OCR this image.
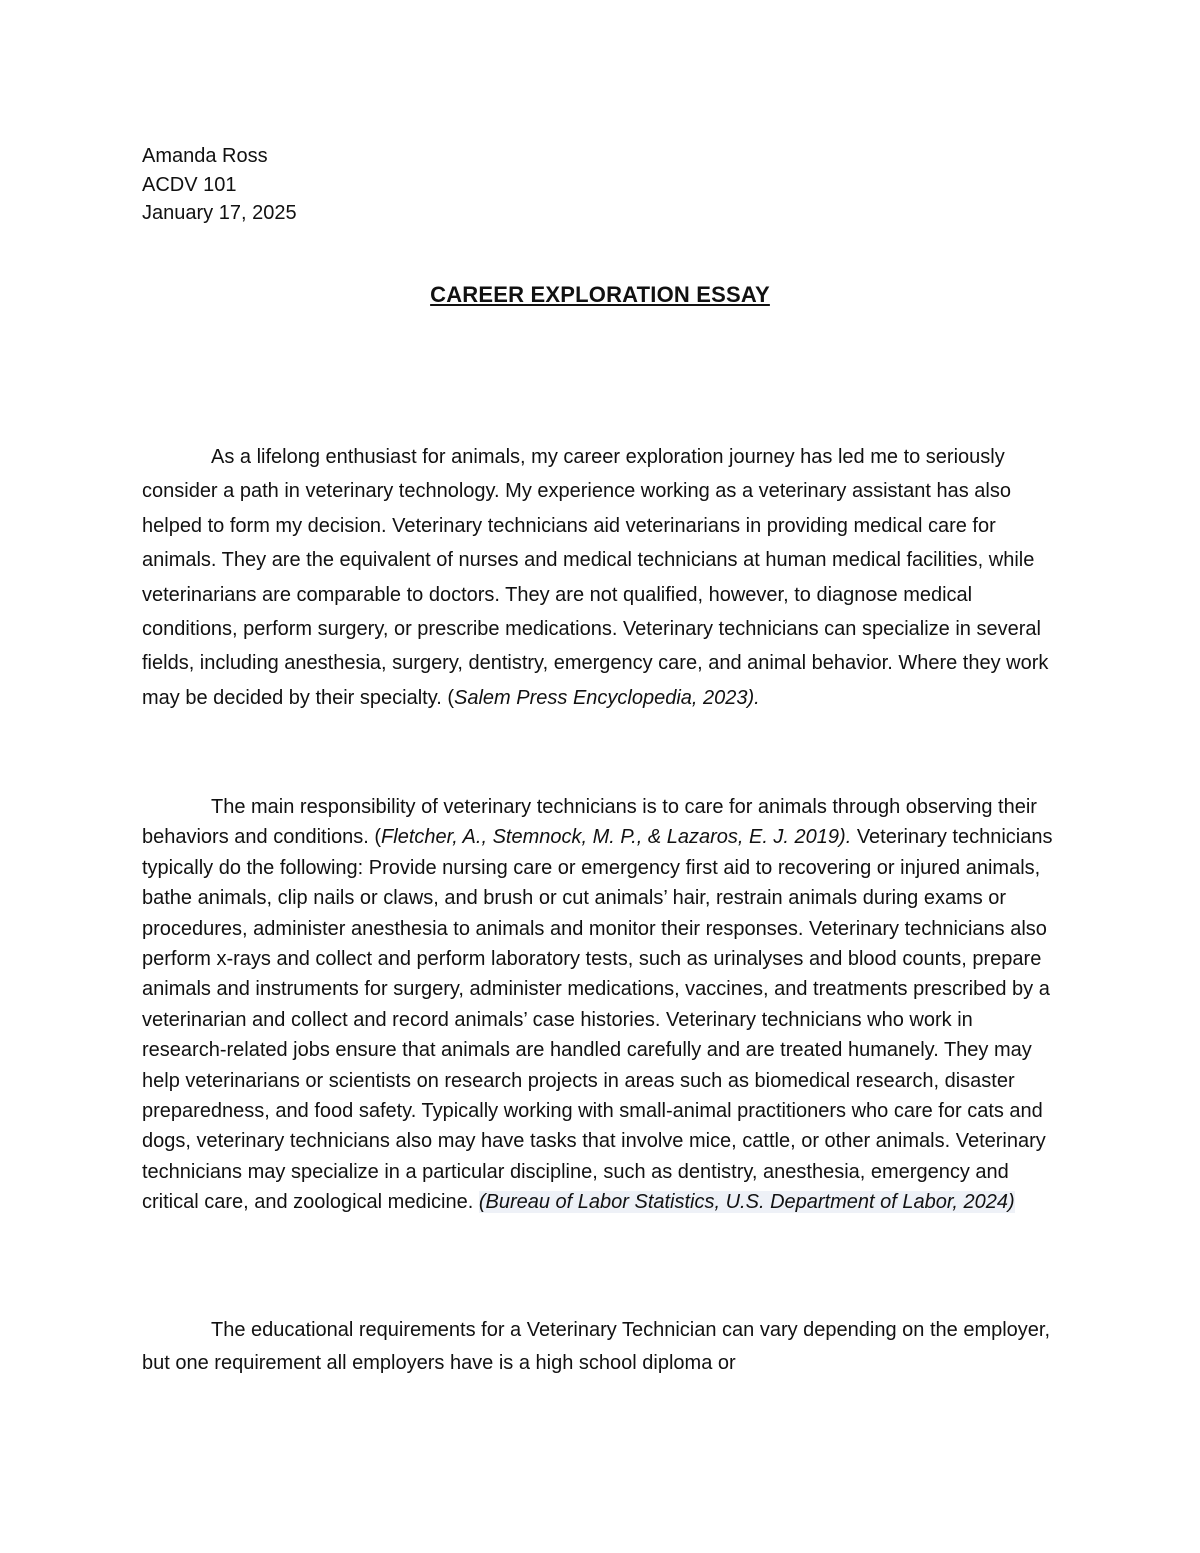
Amanda Ross
ACDV 101
January 17, 2025
CAREER EXPLORATION ESSAY

As a lifelong enthusiast for animals, my career exploration journey has led me to seriously consider a path in veterinary technology. My experience working as a veterinary assistant has also helped to form my decision. Veterinary technicians aid veterinarians in providing medical care for animals. They are the equivalent of nurses and medical technicians at human medical facilities, while veterinarians are comparable to doctors. They are not qualified, however, to diagnose medical conditions, perform surgery, or prescribe medications. Veterinary technicians can specialize in several fields, including anesthesia, surgery, dentistry, emergency care, and animal behavior. Where they work may be decided by their specialty. (Salem Press Encyclopedia, 2023).

The main responsibility of veterinary technicians is to care for animals through observing their behaviors and conditions. (Fletcher, A., Stemnock, M. P., & Lazaros, E. J. 2019). Veterinary technicians typically do the following: Provide nursing care or emergency first aid to recovering or injured animals, bathe animals, clip nails or claws, and brush or cut animals’ hair, restrain animals during exams or procedures, administer anesthesia to animals and monitor their responses. Veterinary technicians also perform x-rays and collect and perform laboratory tests, such as urinalyses and blood counts, prepare animals and instruments for surgery, administer medications, vaccines, and treatments prescribed by a veterinarian and collect and record animals’ case histories. Veterinary technicians who work in research-related jobs ensure that animals are handled carefully and are treated humanely. They may help veterinarians or scientists on research projects in areas such as biomedical research, disaster preparedness, and food safety. Typically working with small-animal practitioners who care for cats and dogs, veterinary technicians also may have tasks that involve mice, cattle, or other animals. Veterinary technicians may specialize in a particular discipline, such as dentistry, anesthesia, emergency and critical care, and zoological medicine. (Bureau of Labor Statistics, U.S. Department of Labor, 2024)

The educational requirements for a Veterinary Technician can vary depending on the employer, but one requirement all employers have is a high school diploma or
